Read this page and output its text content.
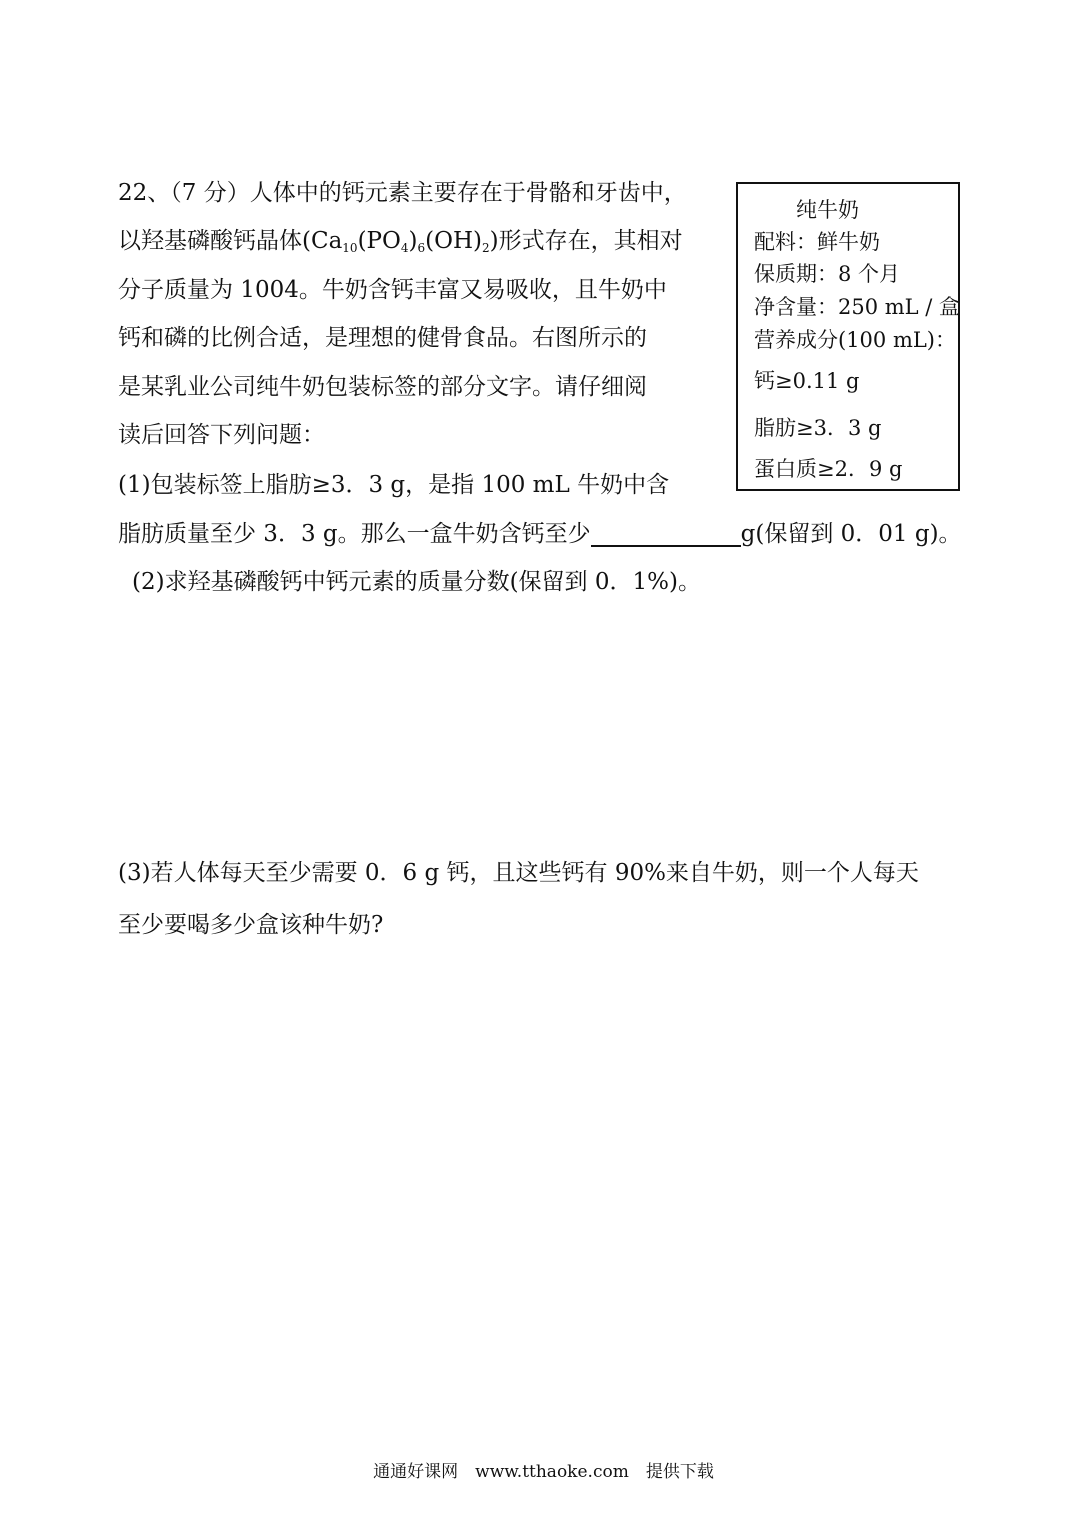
22、（7 分）人体中的钙元素主要存在于骨骼和牙齿中，
以羟基磷酸钙晶体$(Ca_{10}(PO_4)_6(OH)_2)$形式存在，其相对
分子质量为 1004。牛奶含钙丰富又易吸收，且牛奶中
钙和磷的比例合适，是理想的健骨食品。右图所示的
是某乳业公司纯牛奶包装标签的部分文字。请仔细阅
读后回答下列问题：
(1)包装标签上脂肪≥3．3 g，是指 100 mL 牛奶中含
脂肪质量至少 3．3 g。那么一盒牛奶含钙至少	g(保留到 0．01 g)。
(2)求羟基磷酸钙中钙元素的质量分数(保留到 0．1%)。
(3)若人体每天至少需要 0．6 g 钙，且这些钙有 90%来自牛奶，则一个人每天
至少要喝多少盒该种牛奶?
纯牛奶
配料：鲜牛奶
保质期：8 个月
净含量：250 mL / 盒
营养成分(100 mL)：
钙≥0.11 g
脂肪≥3．3 g
蛋白质≥2．9 g
通通好课网　www.tthaoke.com　提供下载
